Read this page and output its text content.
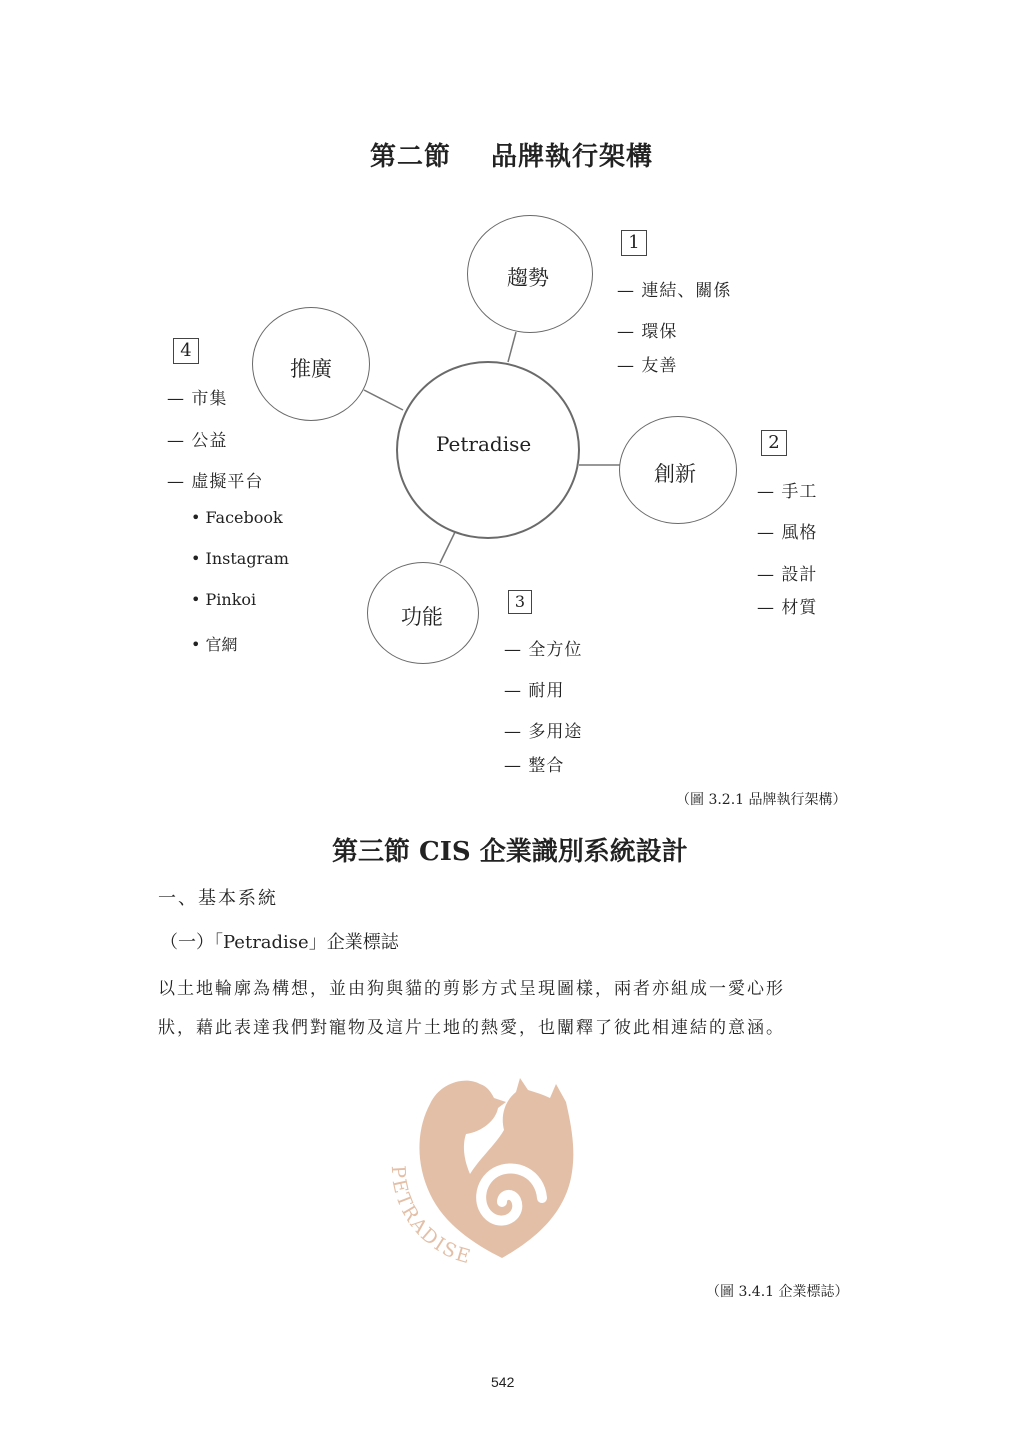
第二節 品牌執行架構
Petradise
趨勢
推廣
創新
功能
1
— 連結、關係
— 環保
— 友善
2
— 手工
— 風格
— 設計
— 材質
3
— 全方位
— 耐用
— 多用途
— 整合
4
— 市集
— 公益
— 虛擬平台
• Facebook
• Instagram
• Pinkoi
• 官網
（圖 3.2.1 品牌執行架構）
第三節 CIS 企業識別系統設計
一、基本系統
（一）「Petradise」企業標誌
以土地輪廓為構想，並由狗與貓的剪影方式呈現圖樣，兩者亦組成一愛心形
狀，藉此表達我們對寵物及這片土地的熱愛，也闡釋了彼此相連結的意涵。
PETRADISE
（圖 3.4.1 企業標誌）
542
